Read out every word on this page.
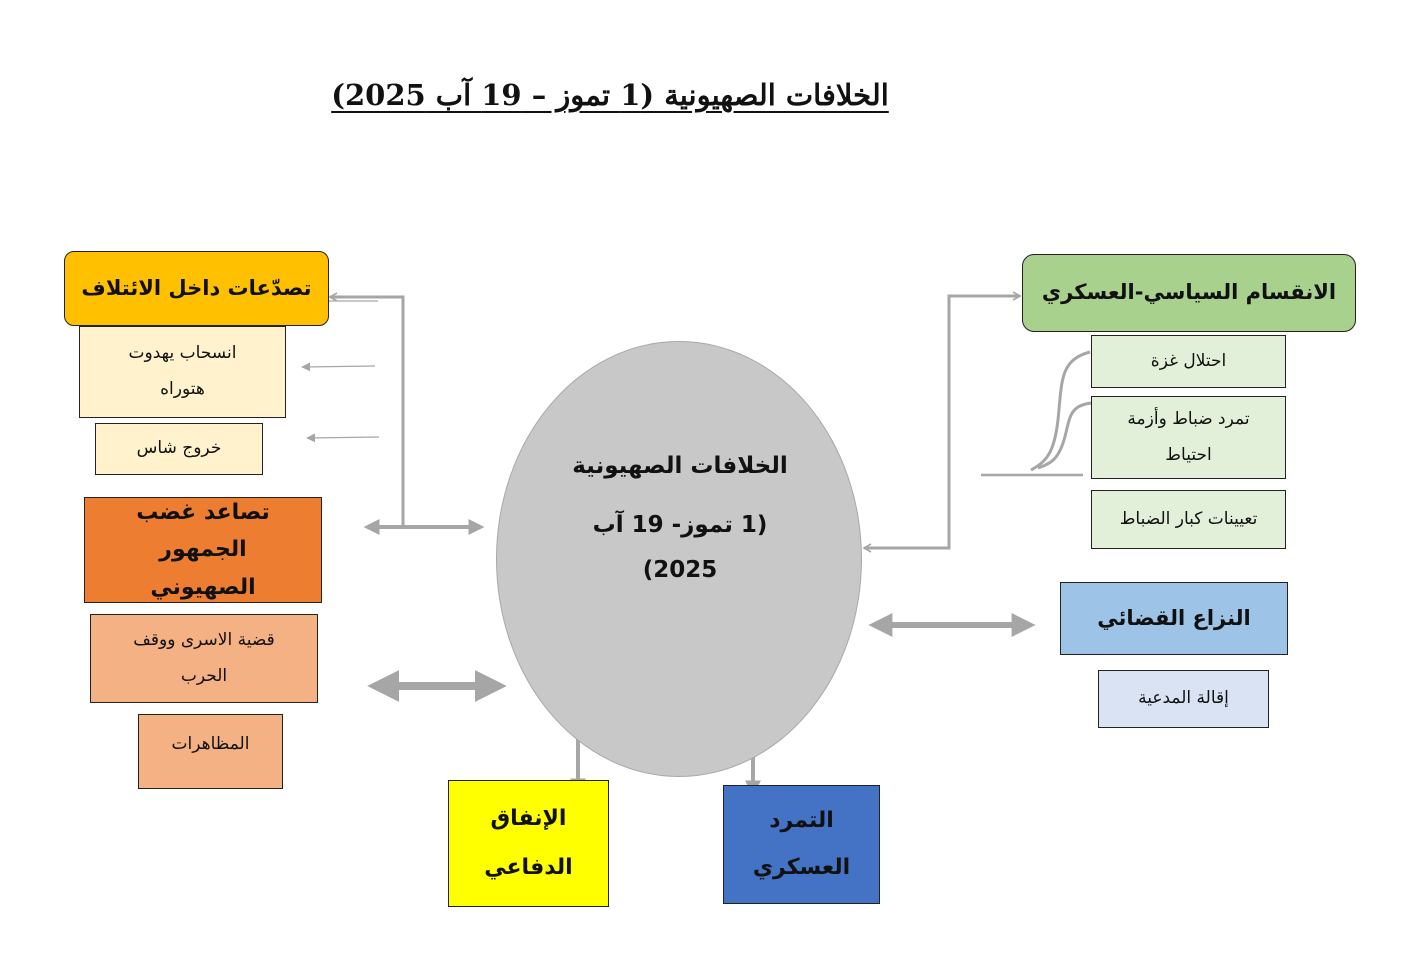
الخلافات الصهيونية (1 تموز – 19 آب 2025)
الخلافات الصهيونية
(1 تموز- 19 آب
2025)
تصدّعات داخل الائتلاف
انسحاب يهدوت هتوراه
خروج شاس
تصاعد غضب الجمهور الصهيوني
قضية الاسرى ووقف الحرب
المظاهرات
الانقسام السياسي-العسكري
احتلال غزة
تمرد ضباط وأزمة احتياط
تعيينات كبار الضباط
النزاع القضائي
إقالة المدعية
الإنفاق الدفاعي
التمرد العسكري
